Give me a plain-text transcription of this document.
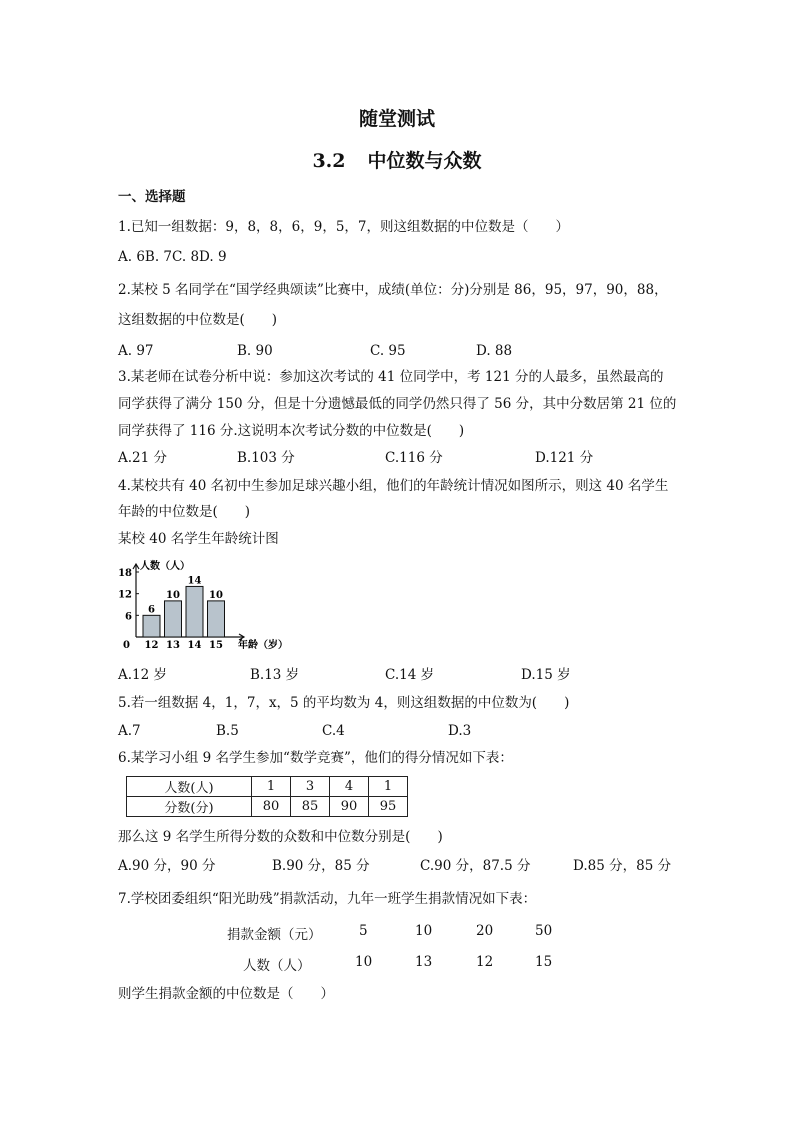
随堂测试
3.2 中位数与众数
一、选择题
1.已知一组数据：9，8，8，6，9，5，7，则这组数据的中位数是（　　）
A. 6B. 7C. 8D. 9
2.某校 5 名同学在“国学经典颂读”比赛中，成绩(单位：分)分别是 86，95，97，90，88，
这组数据的中位数是(　　)
A. 97	B. 90	C. 95	D. 88
3.某老师在试卷分析中说：参加这次考试的 41 位同学中，考 121 分的人最多，虽然最高的
同学获得了满分 150 分，但是十分遗憾最低的同学仍然只得了 56 分，其中分数居第 21 位的
同学获得了 116 分.这说明本次考试分数的中位数是(　　)
A.21 分	B.103 分	C.116 分	D.121 分
4.某校共有 40 名初中生参加足球兴趣小组，他们的年龄统计情况如图所示，则这 40 名学生
年龄的中位数是(　　)
某校 40 名学生年龄统计图
6
12
18
0
人数（人）
年龄（岁）
6
12
10
13
14
14
10
15
A.12 岁	B.13 岁	C.14 岁	D.15 岁
5.若一组数据 4，1，7，x，5 的平均数为 4，则这组数据的中位数为(　　)
A.7	B.5	C.4	D.3
6.某学习小组 9 名学生参加“数学竞赛”，他们的得分情况如下表：
人数(人)	1	3	4	1
分数(分)	80	85	90	95
那么这 9 名学生所得分数的众数和中位数分别是(　　)
A.90 分，90 分	B.90 分，85 分	C.90 分，87.5 分	D.85 分，85 分
7.学校团委组织“阳光助残”捐款活动，九年一班学生捐款情况如下表：
捐款金额（元）	5	10	20	50
人数（人）	10	13	12	15
则学生捐款金额的中位数是（　　）
